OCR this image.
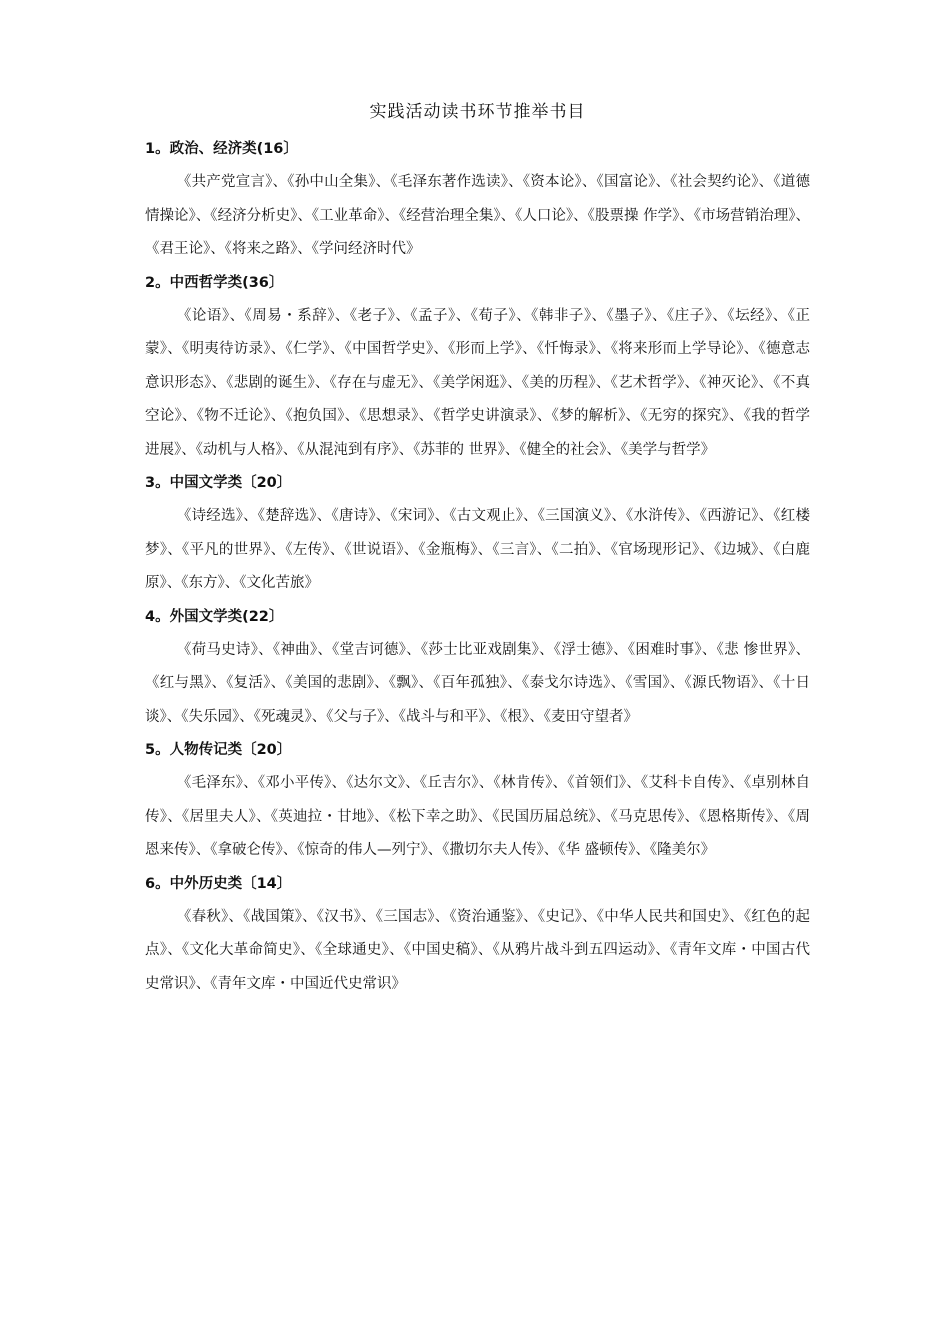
实践活动读书环节推举书目
1。政治、经济类(16〕
《共产党宣言》、《孙中山全集》、《毛泽东著作选读》、《资本论》、《国富论》、《社会契约论》、《道德情操论》、《经济分析史》、《工业革命》、《经营治理全集》、《人口论》、《股票操 作学》、《市场营销治理》、《君王论》、《将来之路》、《学问经济时代》
2。中西哲学类(36〕
《论语》、《周易・系辞》、《老子》、《孟子》、《荀子》、《韩非子》、《墨子》、《庄子》、《坛经》、《正蒙》、《明夷待访录》、《仁学》、《中国哲学史》、《形而上学》、《忏悔录》、《将来形而上学导论》、《德意志意识形态》、《悲剧的诞生》、《存在与虚无》、《美学闲逛》、《美的历程》、《艺术哲学》、《神灭论》、《不真空论》、《物不迁论》、《抱负国》、《思想录》、《哲学史讲演录》、《梦的解析》、《无穷的探究》、《我的哲学进展》、《动机与人格》、《从混沌到有序》、《苏菲的 世界》、《健全的社会》、《美学与哲学》
3。中国文学类〔20〕
《诗经选》、《楚辞选》、《唐诗》、《宋词》、《古文观止》、《三国演义》、《水浒传》、《西游记》、《红楼梦》、《平凡的世界》、《左传》、《世说语》、《金瓶梅》、《三言》、《二拍》、《官场现形记》、《边城》、《白鹿原》、《东方》、《文化苦旅》
4。外国文学类(22〕
《荷马史诗》、《神曲》、《堂吉诃德》、《莎士比亚戏剧集》、《浮士德》、《困难时事》、《悲 惨世界》、《红与黑》、《复活》、《美国的悲剧》、《飘》、《百年孤独》、《泰戈尔诗选》、《雪国》、《源氏物语》、《十日谈》、《失乐园》、《死魂灵》、《父与子》、《战斗与和平》、《根》、《麦田守望者》
5。人物传记类〔20〕
《毛泽东》、《邓小平传》、《达尔文》、《丘吉尔》、《林肯传》、《首领们》、《艾科卡自传》、《卓别林自传》、《居里夫人》、《英迪拉・甘地》、《松下幸之助》、《民国历届总统》、《马克思传》、《恩格斯传》、《周恩来传》、《拿破仑传》、《惊奇的伟人—列宁》、《撒切尔夫人传》、《华 盛顿传》、《隆美尔》
6。中外历史类〔14〕
《春秋》、《战国策》、《汉书》、《三国志》、《资治通鉴》、《史记》、《中华人民共和国史》、《红色的起点》、《文化大革命简史》、《全球通史》、《中国史稿》、《从鸦片战斗到五四运动》、《青年文库・中国古代史常识》、《青年文库・中国近代史常识》
